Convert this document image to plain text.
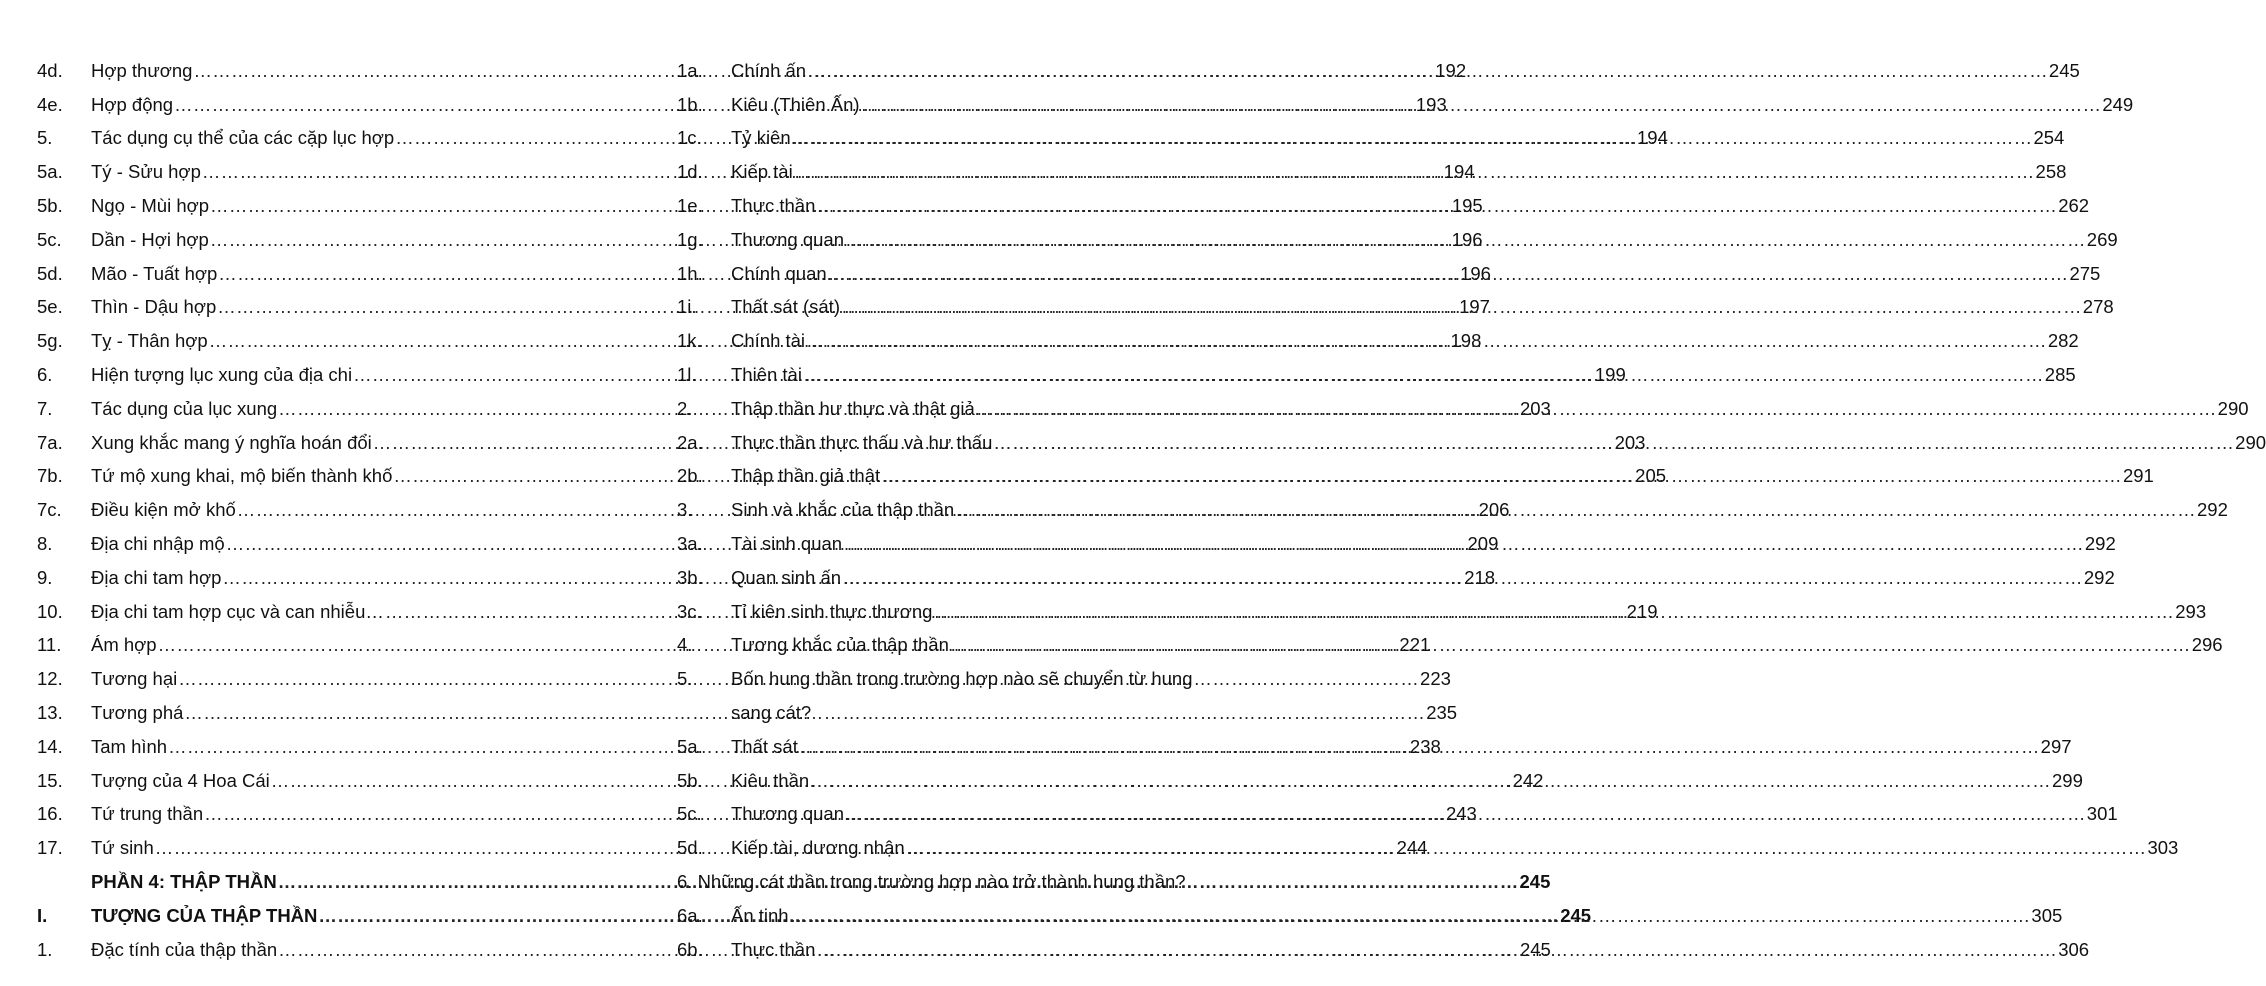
4d.	Hợp thương ………………………………………………………………………………………………………………………………………………………………………………	192
4e.	Hợp động ………………………………………………………………………………………………………………………………………………………………………………	193
5.	Tác dụng cụ thể của các cặp lục hợp ………………………………………………………………………………………………………………………………………………………………………………	194
5a.	Tý - Sửu hợp ………………………………………………………………………………………………………………………………………………………………………………	194
5b.	Ngọ - Mùi hợp ………………………………………………………………………………………………………………………………………………………………………………	195
5c.	Dần - Hợi hợp ………………………………………………………………………………………………………………………………………………………………………………	196
5d.	Mão - Tuất hợp ………………………………………………………………………………………………………………………………………………………………………………	196
5e.	Thìn - Dậu hợp ………………………………………………………………………………………………………………………………………………………………………………	197
5g.	Tỵ - Thân hợp ………………………………………………………………………………………………………………………………………………………………………………	198
6.	Hiện tượng lục xung của địa chi ………………………………………………………………………………………………………………………………………………………………………………	199
7.	Tác dụng của lục xung ………………………………………………………………………………………………………………………………………………………………………………	203
7a.	Xung khắc mang ý nghĩa hoán đổi ………………………………………………………………………………………………………………………………………………………………………………	203
7b.	Tứ mộ xung khai, mộ biến thành khố ………………………………………………………………………………………………………………………………………………………………………………	205
7c.	Điều kiện mở khố ………………………………………………………………………………………………………………………………………………………………………………	206
8.	Địa chi nhập mộ ………………………………………………………………………………………………………………………………………………………………………………	209
9.	Địa chi tam hợp ………………………………………………………………………………………………………………………………………………………………………………	218
10.	Địa chi tam hợp cục và can nhiễu… ………………………………………………………………………………………………………………………………………………………………………………	219
11.	Ám hợp ………………………………………………………………………………………………………………………………………………………………………………	221
12.	Tương hại ………………………………………………………………………………………………………………………………………………………………………………	223
13.	Tương phá ………………………………………………………………………………………………………………………………………………………………………………	235
14.	Tam hình ………………………………………………………………………………………………………………………………………………………………………………	238
15.	Tượng của 4 Hoa Cái ………………………………………………………………………………………………………………………………………………………………………………	242
16.	Tứ trung thần ………………………………………………………………………………………………………………………………………………………………………………	243
17.	Tứ sinh ………………………………………………………………………………………………………………………………………………………………………………	244
PHẦN 4: THẬP THẦN ………………………………………………………………………………………………………………………………………………………………………………	245
I.	TƯỢNG CỦA THẬP THẦN ………………………………………………………………………………………………………………………………………………………………………………	245
1.	Đặc tính của thập thần ………………………………………………………………………………………………………………………………………………………………………………	245
1a.	Chính ấn ………………………………………………………………………………………………………………………………………………………………………………	245
1b.	Kiêu (Thiên Ấn) ………………………………………………………………………………………………………………………………………………………………………………	249
1c.	Tỷ kiên ………………………………………………………………………………………………………………………………………………………………………………	254
1d.	Kiếp tài ………………………………………………………………………………………………………………………………………………………………………………	258
1e.	Thực thần ………………………………………………………………………………………………………………………………………………………………………………	262
1g.	Thương quan ………………………………………………………………………………………………………………………………………………………………………………	269
1h.	Chính quan ………………………………………………………………………………………………………………………………………………………………………………	275
1i.	Thất sát (sát) ………………………………………………………………………………………………………………………………………………………………………………	278
1k.	Chính tài ………………………………………………………………………………………………………………………………………………………………………………	282
1l.	Thiên tài ………………………………………………………………………………………………………………………………………………………………………………	285
2.	Thập thần hư thực và thật giả ………………………………………………………………………………………………………………………………………………………………………………	290
2a.	Thực thần thực thấu và hư thấu ………………………………………………………………………………………………………………………………………………………………………………	290
2b.	Thập thần giả thật ………………………………………………………………………………………………………………………………………………………………………………	291
3.	Sinh và khắc của thập thần ………………………………………………………………………………………………………………………………………………………………………………	292
3a.	Tài sinh quan ………………………………………………………………………………………………………………………………………………………………………………	292
3b.	Quan sinh ấn ………………………………………………………………………………………………………………………………………………………………………………	292
3c.	Tỉ kiên sinh thực thương ………………………………………………………………………………………………………………………………………………………………………………	293
4.	Tương khắc của thập thần ………………………………………………………………………………………………………………………………………………………………………………	296
5.	Bốn hung thần trong trường hợp nào sẽ chuyển từ hung
sang cát?
5a.	Thất sát ………………………………………………………………………………………………………………………………………………………………………………	297
5b.	Kiêu thần ………………………………………………………………………………………………………………………………………………………………………………	299
5c.	Thương quan ………………………………………………………………………………………………………………………………………………………………………………	301
5d.	Kiếp tài, dương nhận ………………………………………………………………………………………………………………………………………………………………………………	303
6. Những cát thần trong trường hợp nào trở thành hung thần?
6a.	Ấn tinh ………………………………………………………………………………………………………………………………………………………………………………	305
6b.	Thực thần ………………………………………………………………………………………………………………………………………………………………………………	306
